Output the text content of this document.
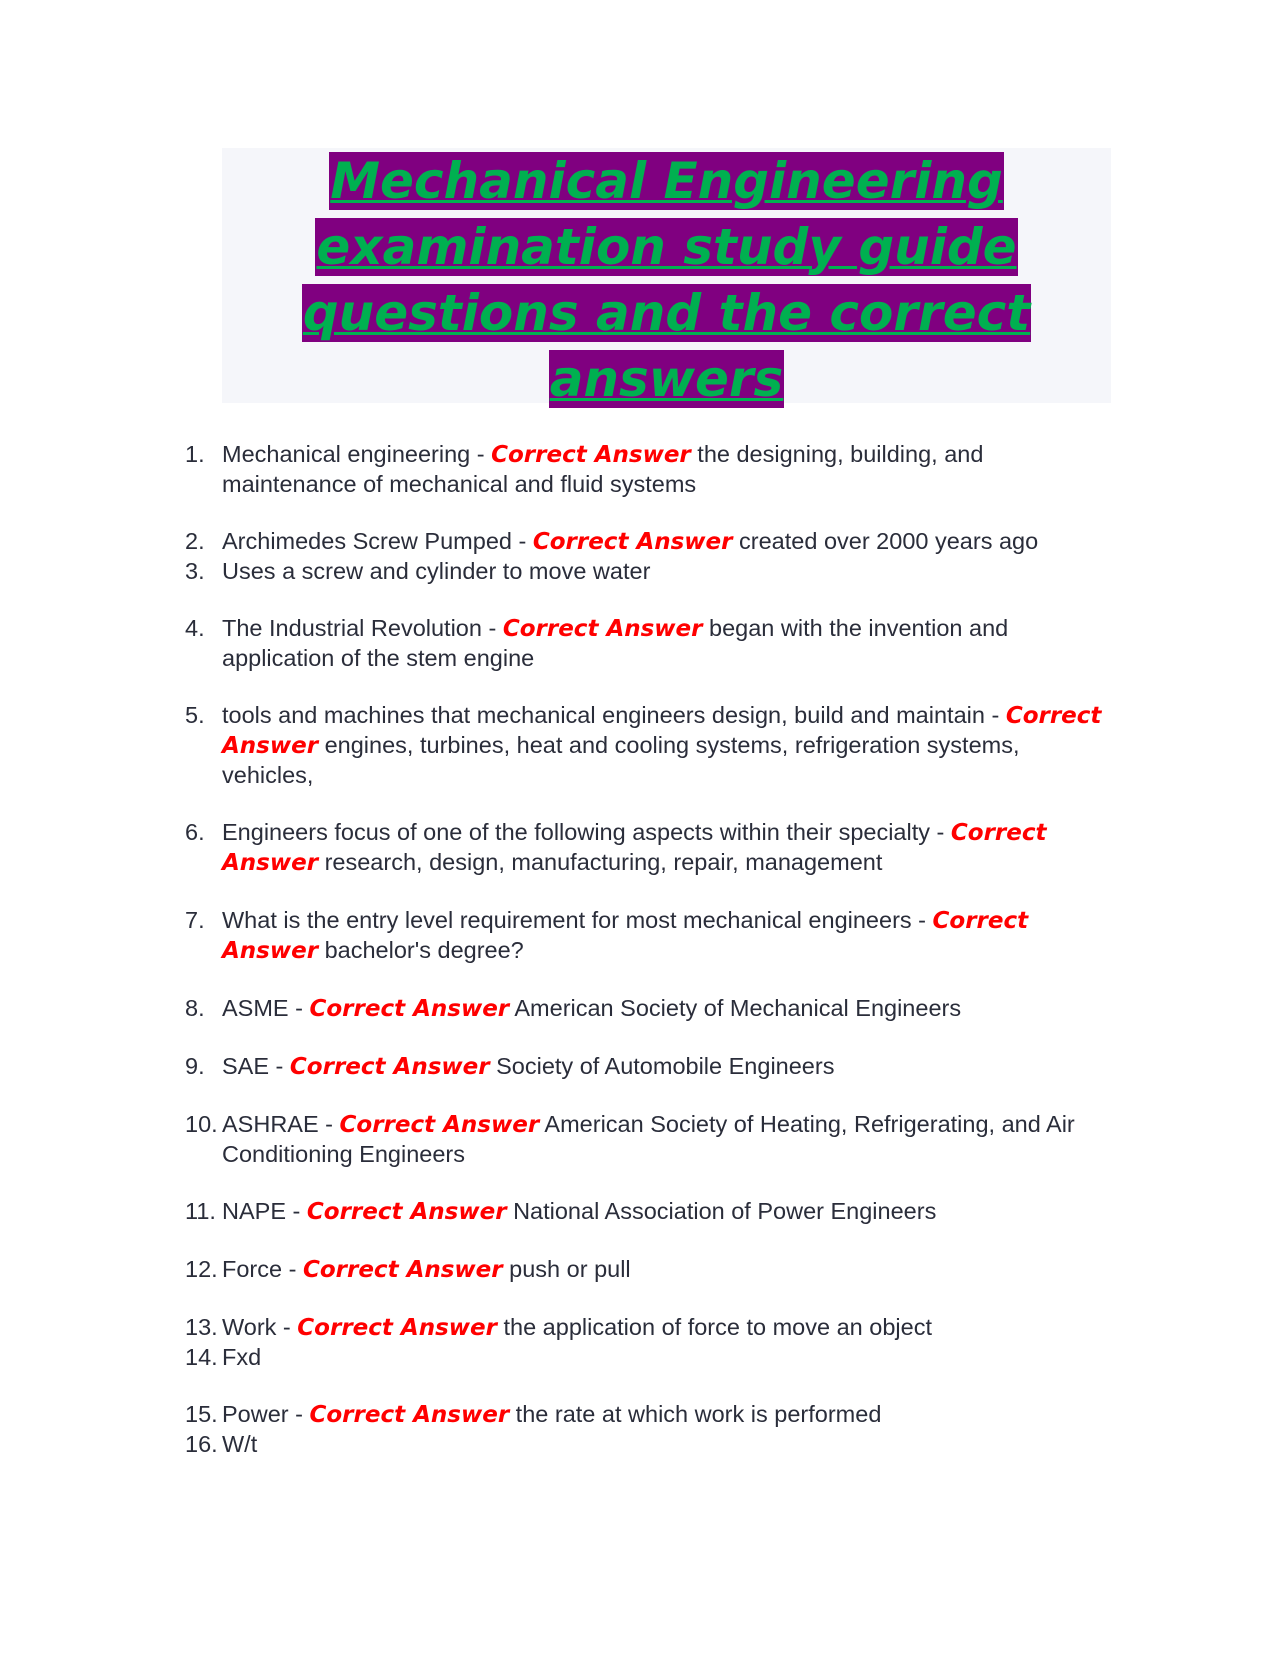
Mechanical Engineering examination study guide questions and the correct answers
1. Mechanical engineering - Correct Answer the designing, building, and maintenance of mechanical and fluid systems
2. Archimedes Screw Pumped - Correct Answer created over 2000 years ago
3. Uses a screw and cylinder to move water
4. The Industrial Revolution - Correct Answer began with the invention and application of the stem engine
5. tools and machines that mechanical engineers design, build and maintain - Correct Answer engines, turbines, heat and cooling systems, refrigeration systems, vehicles,
6. Engineers focus of one of the following aspects within their specialty - Correct Answer research, design, manufacturing, repair, management
7. What is the entry level requirement for most mechanical engineers - Correct Answer bachelor's degree?
8. ASME - Correct Answer American Society of Mechanical Engineers
9. SAE - Correct Answer Society of Automobile Engineers
10. ASHRAE - Correct Answer American Society of Heating, Refrigerating, and Air Conditioning Engineers
11. NAPE - Correct Answer National Association of Power Engineers
12. Force - Correct Answer push or pull
13. Work - Correct Answer the application of force to move an object
14. Fxd
15. Power - Correct Answer the rate at which work is performed
16. W/t
